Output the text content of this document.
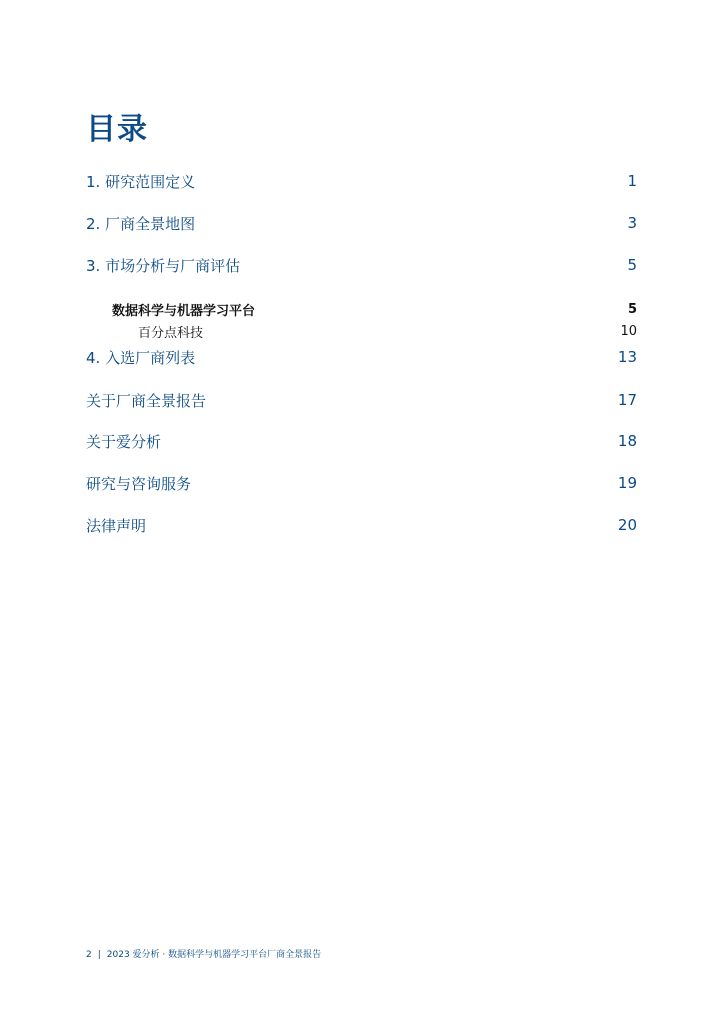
目录
1. 研究范围定义	1
2. 厂商全景地图	3
3. 市场分析与厂商评估	5
数据科学与机器学习平台	5
百分点科技	10
4. 入选厂商列表	13
关于厂商全景报告	17
关于爱分析	18
研究与咨询服务	19
法律声明	20
2 | 2023 爱分析 · 数据科学与机器学习平台厂商全景报告
